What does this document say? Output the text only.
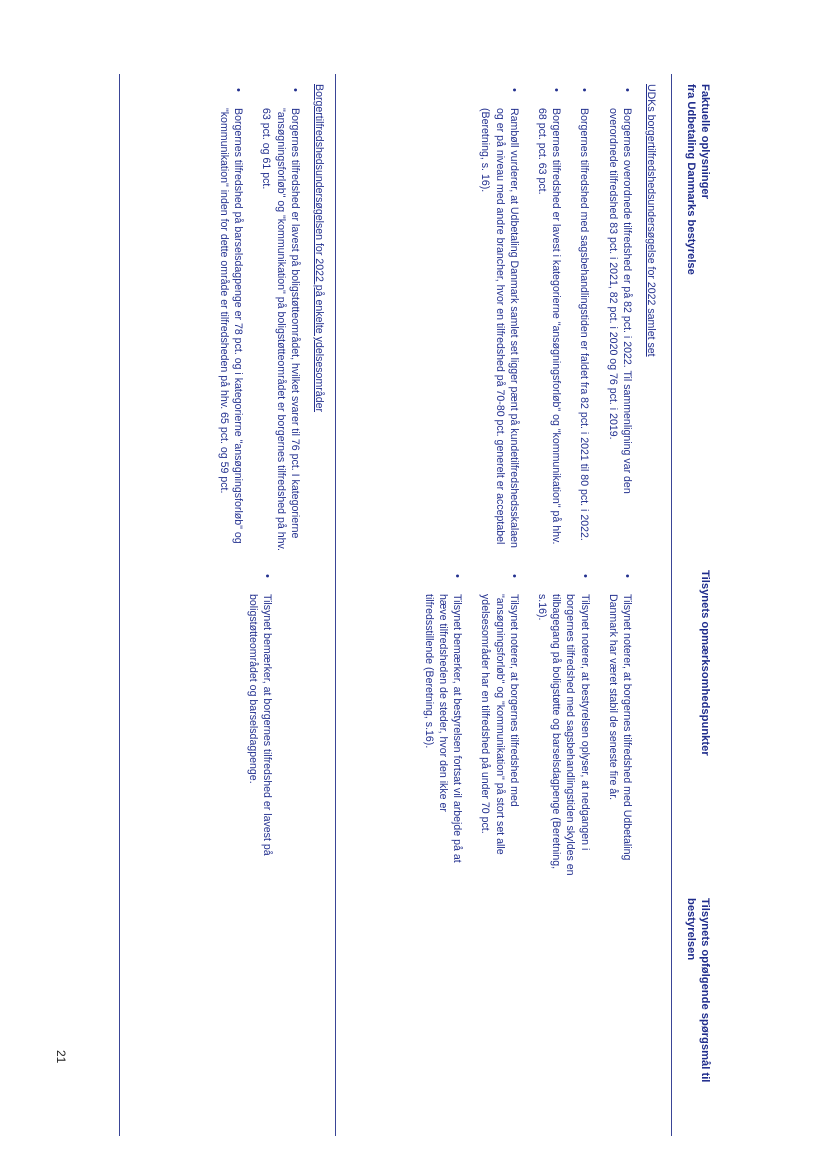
Faktuelle oplysninger
fra Udbetaling Danmarks bestyrelse
Tilsynets opmærksomhedspunkter
Tilsynets opfølgende spørgsmål til
bestyrelsen
UDKs borgertilfredshedsundersøgelse for 2022 samlet set
•
Borgernes overordnede tilfredshed er på 82 pct. i 2022. Til sammenligning var den overordnede tilfredshed 83 pct. i 2021, 82 pct. i 2020 og 76 pct. i 2019.
•
Borgernes tilfredshed med sagsbehandlingstiden er faldet fra 82 pct. i 2021 til 80 pct. i 2022.
•
Borgernes tilfredshed er lavest i kategorierne "ansøgningsforløb" og "kommunikation" på hhv. 68 pct. pct. 63 pct.
•
Rambøll vurderer, at Udbetaling Danmark samlet set ligger pænt på kundetilfredshedsskalaen og er på niveau med andre brancher, hvor en tilfredshed på 70-80 pct. generelt er acceptabel (Beretning, s. 16).
•
Tilsynet noterer, at borgernes tilfredshed med Udbetaling Danmark har været stabil de seneste fire år.
•
Tilsynet noterer, at bestyrelsen oplyser, at nedgangen i borgernes tilfredshed med sagsbehandlingstiden skyldes en tilbagegang på boligstøtte og barselsdagpenge (Beretning, s.16).
•
Tilsynet noterer, at borgernes tilfredshed med "ansøgningsforløb" og "kommunikation" på stort set alle ydelsesområder har en tilfredshed på under 70 pct.
•
Tilsynet bemærker, at bestyrelsen fortsat vil arbejde på at hæve tilfredsheden de steder, hvor den ikke er tilfredsstillende (Beretning, s.16).
Borgertilfredshedsundersøgelsen for 2022 på enkelte ydelsesområder
•
Borgernes tilfredshed er lavest på boligstøtteområdet, hvilket svarer til 76 pct. I kategorierne "ansøgningsforløb" og "kommunikation" på boligstøtteområdet er borgernes tilfredshed på hhv. 63 pct. og 61 pct.
•
Borgernes tilfredshed på barselsdagpenge er 78 pct. og i kategorierne "ansøgningsforløb" og "kommunikation" inden for dette område er tilfredsheden på hhv. 65 pct. og 59 pct.
•
Tilsynet bemærker, at borgernes tilfredshed er lavest på boligstøtteområdet og barselsdagpenge.
21
